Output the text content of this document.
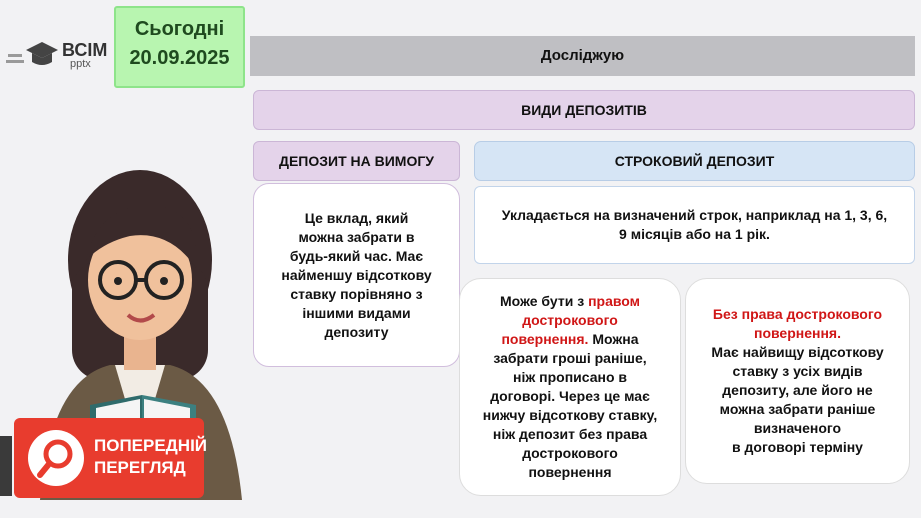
ВСІМ
pptx
Сьогодні
20.09.2025	Досліджую
ВИДИ ДЕПОЗИТІВ
ДЕПОЗИТ НА ВИМОГУ
Це вклад, який
можна забрати в
будь-який час. Має
найменшу відсоткову
ставку порівняно з
іншими видами
депозиту
СТРОКОВИЙ ДЕПОЗИТ
Укладається на визначений строк, наприклад на 1, 3, 6,
9 місяців або на 1 рік.
Може бути з правом
дострокового
повернення. Можна
забрати гроші раніше,
ніж прописано в
договорі. Через це має
нижчу відсоткову ставку,
ніж депозит без права
дострокового
повернення
Без права дострокового
повернення.
Має найвищу відсоткову
ставку з усіх видів
депозиту, але його не
можна забрати раніше
визначеного
в договорі терміну
ПОПЕРЕДНІЙ
ПЕРЕГЛЯД
